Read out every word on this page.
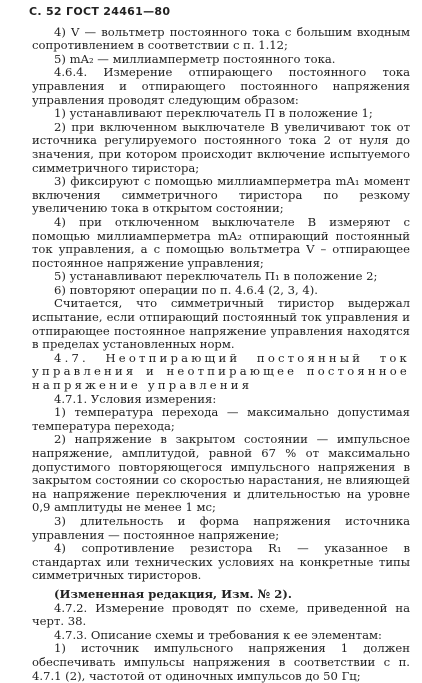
С. 52 ГОСТ 24461—80

4) V — вольтметр постоянного тока с большим входным сопротивлением в соответствии с п. 1.12;

5) mA₂ — миллиамперметр постоянного тока.

4.6.4. Измерение отпирающего постоянного тока управления и отпирающего постоянного напряжения управления проводят следующим образом:

1) устанавливают переключатель П в положение 1;

2) при включенном выключателе В увеличивают ток от источника регулируемого постоянного тока 2 от нуля до значения, при котором происходит включение испытуемого симметричного тиристора;

3) фиксируют с помощью миллиамперметра mA₁ момент включения симметричного тиристора по резкому увеличению тока в открытом состоянии;

4) при отключенном выключателе В измеряют с помощью миллиамперметра mA₂ отпирающий постоянный ток управления, а с помощью вольтметра V – отпирающее постоянное напряжение управления;

5) устанавливают переключатель П₁ в положение 2;

6) повторяют операции по п. 4.6.4 (2, 3, 4).

Считается, что симметричный тиристор выдержал испытание, если отпирающий постоянный ток управления и отпирающее постоянное напряжение управления находятся в пределах установленных норм.

4.7. Неотпирающий постоянный ток управления и неотпирающее постоянное напряжение управления

4.7.1. Условия измерения:

1) температура перехода — максимально допустимая температура перехода;

2) напряжение в закрытом состоянии — импульсное напряжение, амплитудой, равной 67 % от максимально допустимого повторяющегося импульсного напряжения в закрытом состоянии со скоростью нарастания, не влияющей на напряжение переключения и длительностью на уровне 0,9 амплитуды не менее 1 мс;

3) длительность и форма напряжения источника управления — постоянное напряжение;

4) сопротивление резистора R₁ — указанное в стандартах или технических условиях на конкретные типы симметричных тиристоров.

(Измененная редакция, Изм. № 2).

4.7.2. Измерение проводят по схеме, приведенной на черт. 38.

4.7.3. Описание схемы и требования к ее элементам:

1) источник импульсного напряжения 1 должен обеспечивать импульсы напряжения в соответствии с п. 4.7.1 (2), частотой от одиночных импульсов до 50 Гц;
